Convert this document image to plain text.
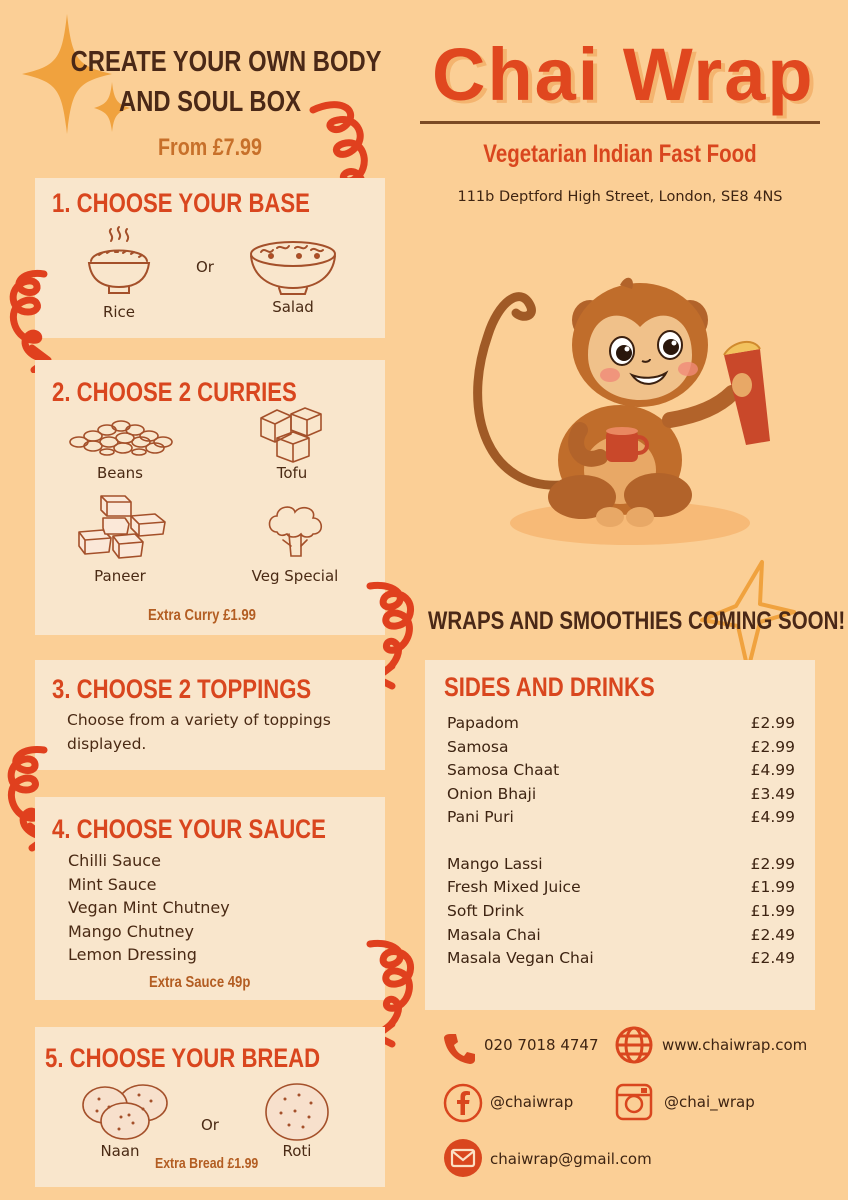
CREATE YOUR OWN BODY
AND SOUL BOX
From £7.99
1. CHOOSE YOUR BASE
Rice
Or
Salad
2. CHOOSE 2 CURRIES
Beans	Tofu
Paneer	Veg Special
Extra Curry £1.99
3. CHOOSE 2 TOPPINGS
Choose from a variety of toppings
displayed.
4. CHOOSE YOUR SAUCE
Chilli Sauce
Mint Sauce
Vegan Mint Chutney
Mango Chutney
Lemon Dressing
Extra Sauce 49p
5. CHOOSE YOUR BREAD
Naan
Or
Roti
Extra Bread £1.99
Chai Wrap
Vegetarian Indian Fast Food
111b Deptford High Street, London, SE8 4NS
WRAPS AND SMOOTHIES COMING SOON!
SIDES AND DRINKS
Papadom	£2.99
Samosa	£2.99
Samosa Chaat	£4.99
Onion Bhaji	£3.49
Pani Puri	£4.99
Mango Lassi	£2.99
Fresh Mixed Juice	£1.99
Soft Drink	£1.99
Masala Chai	£2.49
Masala Vegan Chai	£2.49
020 7018 4747	www.chaiwrap.com
@chaiwrap	@chai_wrap
chaiwrap@gmail.com
